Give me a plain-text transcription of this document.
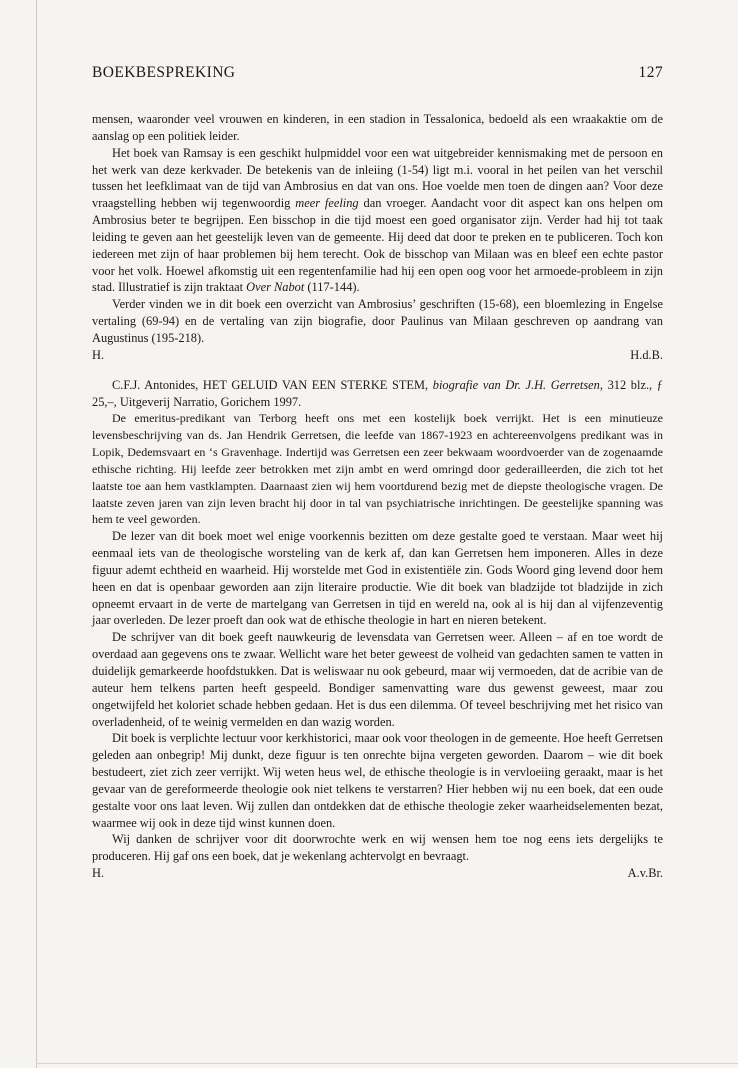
BOEKBESPREKING	127

mensen, waaronder veel vrouwen en kinderen, in een stadion in Tessalonica, bedoeld als een wraakaktie om de aanslag op een politiek leider.

Het boek van Ramsay is een geschikt hulpmiddel voor een wat uitgebreider kennismaking met de persoon en het werk van deze kerkvader. De betekenis van de inleiing (1-54) ligt m.i. vooral in het peilen van het verschil tussen het leefklimaat van de tijd van Ambrosius en dat van ons. Hoe voelde men toen de dingen aan? Voor deze vraagstelling hebben wij tegenwoordig meer feeling dan vroeger. Aandacht voor dit aspect kan ons helpen om Ambrosius beter te begrijpen. Een bisschop in die tijd moest een goed organisator zijn. Verder had hij tot taak leiding te geven aan het geestelijk leven van de gemeente. Hij deed dat door te preken en te publiceren. Toch kon iedereen met zijn of haar problemen bij hem terecht. Ook de bisschop van Milaan was en bleef een echte pastor voor het volk. Hoewel afkomstig uit een regentenfamilie had hij een open oog voor het armoede-probleem in zijn stad. Illustratief is zijn traktaat Over Nabot (117-144).

Verder vinden we in dit boek een overzicht van Ambrosius’ geschriften (15-68), een bloemlezing in Engelse vertaling (69-94) en de vertaling van zijn biografie, door Paulinus van Milaan geschreven op aandrang van Augustinus (195-218).

H.	H.d.B.

C.F.J. Antonides, HET GELUID VAN EEN STERKE STEM, biografie van Dr. J.H. Gerretsen, 312 blz., ƒ 25,–, Uitgeverij Narratio, Gorichem 1997.

De emeritus-predikant van Terborg heeft ons met een kostelijk boek verrijkt. Het is een minutieuze levensbeschrijving van ds. Jan Hendrik Gerretsen, die leefde van 1867-1923 en achtereenvolgens predikant was in Lopik, Dedemsvaart en ‘s Gravenhage. Indertijd was Gerretsen een zeer bekwaam woordvoerder van de zogenaamde ethische richting. Hij leefde zeer betrokken met zijn ambt en werd omringd door gederailleerden, die zich tot het laatste toe aan hem vastklampten. Daarnaast zien wij hem voortdurend bezig met de diepste theologische vragen. De laatste zeven jaren van zijn leven bracht hij door in tal van psychiatrische inrichtingen. De geestelijke spanning was hem te veel geworden.

De lezer van dit boek moet wel enige voorkennis bezitten om deze gestalte goed te verstaan. Maar weet hij eenmaal iets van de theologische worsteling van de kerk af, dan kan Gerretsen hem imponeren. Alles in deze figuur ademt echtheid en waarheid. Hij worstelde met God in existentiële zin. Gods Woord ging levend door hem heen en dat is openbaar geworden aan zijn literaire productie. Wie dit boek van bladzijde tot bladzijde in zich opneemt ervaart in de verte de martelgang van Gerretsen in tijd en wereld na, ook al is hij dan al vijfenzeventig jaar overleden. De lezer proeft dan ook wat de ethische theologie in hart en nieren betekent.

De schrijver van dit boek geeft nauwkeurig de levensdata van Gerretsen weer. Alleen – af en toe wordt de overdaad aan gegevens ons te zwaar. Wellicht ware het beter geweest de volheid van gedachten samen te vatten in duidelijk gemarkeerde hoofdstukken. Dat is weliswaar nu ook gebeurd, maar wij vermoeden, dat de acribie van de auteur hem telkens parten heeft gespeeld. Bondiger samenvatting ware dus gewenst geweest, maar zou ongetwijfeld het koloriet schade hebben gedaan. Het is dus een dilemma. Of teveel beschrijving met het risico van overladenheid, of te weinig vermelden en dan wazig worden.

Dit boek is verplichte lectuur voor kerkhistorici, maar ook voor theologen in de gemeente. Hoe heeft Gerretsen geleden aan onbegrip! Mij dunkt, deze figuur is ten onrechte bijna vergeten geworden. Daarom – wie dit boek bestudeert, ziet zich zeer verrijkt. Wij weten heus wel, de ethische theologie is in vervloeiing geraakt, maar is het gevaar van de gereformeerde theologie ook niet telkens te verstarren? Hier hebben wij nu een boek, dat een oude gestalte voor ons laat leven. Wij zullen dan ontdekken dat de ethische theologie zeker waarheidselementen bezat, waarmee wij ook in deze tijd winst kunnen doen.

Wij danken de schrijver voor dit doorwrochte werk en wij wensen hem toe nog eens iets dergelijks te produceren. Hij gaf ons een boek, dat je wekenlang achtervolgt en bevraagt.

H.	A.v.Br.
